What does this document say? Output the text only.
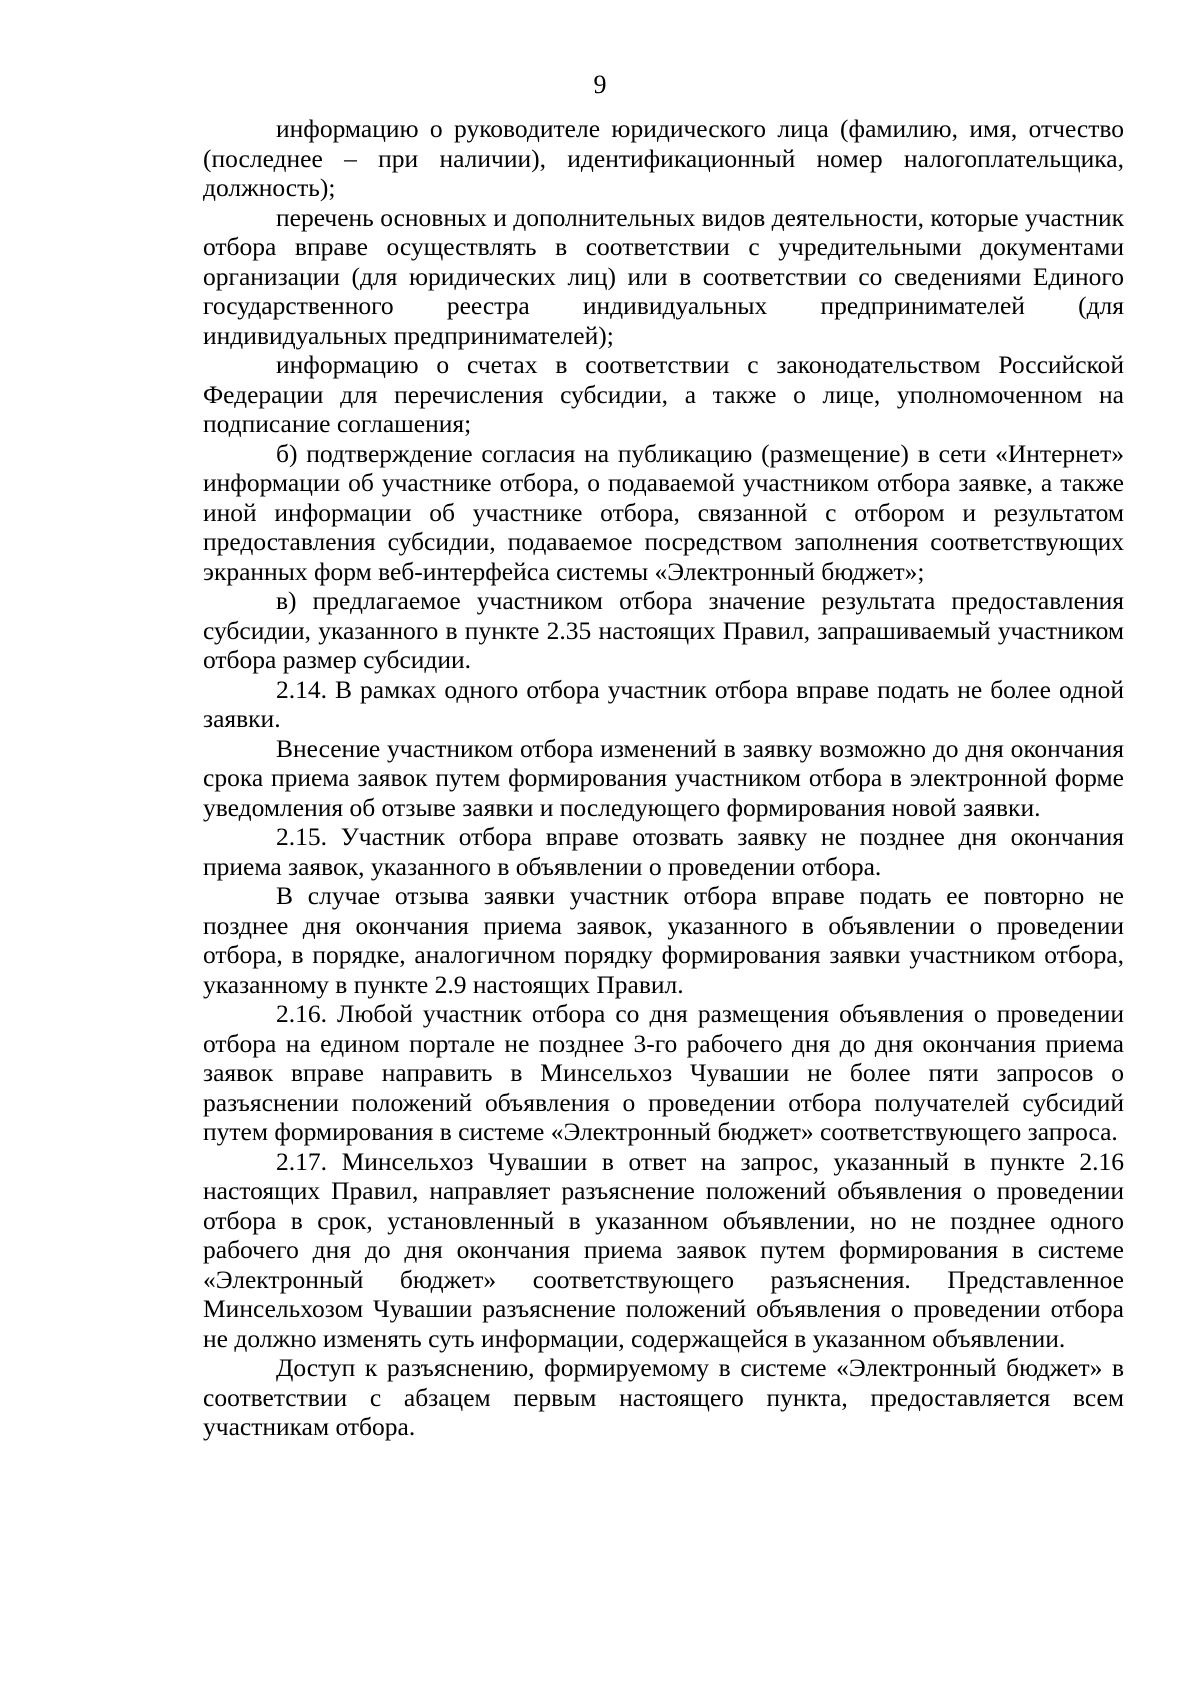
9

информацию о руководителе юридического лица (фамилию, имя, отчество (последнее – при наличии), идентификационный номер налогоплательщика, должность);

перечень основных и дополнительных видов деятельности, которые участник отбора вправе осуществлять в соответствии с учредительными документами организации (для юридических лиц) или в соответствии со сведениями Единого государственного реестра индивидуальных предпринимателей (для индивидуальных предпринимателей);

информацию о счетах в соответствии с законодательством Российской Федерации для перечисления субсидии, а также о лице, уполномоченном на подписание соглашения;

б) подтверждение согласия на публикацию (размещение) в сети «Интернет» информации об участнике отбора, о подаваемой участником отбора заявке, а также иной информации об участнике отбора, связанной с отбором и результатом предоставления субсидии, подаваемое посредством заполнения соответствующих экранных форм веб-интерфейса системы «Электронный бюджет»;

в) предлагаемое участником отбора значение результата предоставления субсидии, указанного в пункте 2.35 настоящих Правил, запрашиваемый участником отбора размер субсидии.

2.14. В рамках одного отбора участник отбора вправе подать не более одной заявки.

Внесение участником отбора изменений в заявку возможно до дня окончания срока приема заявок путем формирования участником отбора в электронной форме уведомления об отзыве заявки и последующего формирования новой заявки.

2.15. Участник отбора вправе отозвать заявку не позднее дня окончания приема заявок, указанного в объявлении о проведении отбора.

В случае отзыва заявки участник отбора вправе подать ее повторно не позднее дня окончания приема заявок, указанного в объявлении о проведении отбора, в порядке, аналогичном порядку формирования заявки участником отбора, указанному в пункте 2.9 настоящих Правил.

2.16. Любой участник отбора со дня размещения объявления о проведении отбора на едином портале не позднее 3-го рабочего дня до дня окончания приема заявок вправе направить в Минсельхоз Чувашии не более пяти запросов о разъяснении положений объявления о проведении отбора получателей субсидий путем формирования в системе «Электронный бюджет» соответствующего запроса.

2.17. Минсельхоз Чувашии в ответ на запрос, указанный в пункте 2.16 настоящих Правил, направляет разъяснение положений объявления о проведении отбора в срок, установленный в указанном объявлении, но не позднее одного рабочего дня до дня окончания приема заявок путем формирования в системе «Электронный бюджет» соответствующего разъяснения. Представленное Минсельхозом Чувашии разъяснение положений объявления о проведении отбора не должно изменять суть информации, содержащейся в указанном объявлении.

Доступ к разъяснению, формируемому в системе «Электронный бюджет» в соответствии с абзацем первым настоящего пункта, предоставляется всем участникам отбора.
